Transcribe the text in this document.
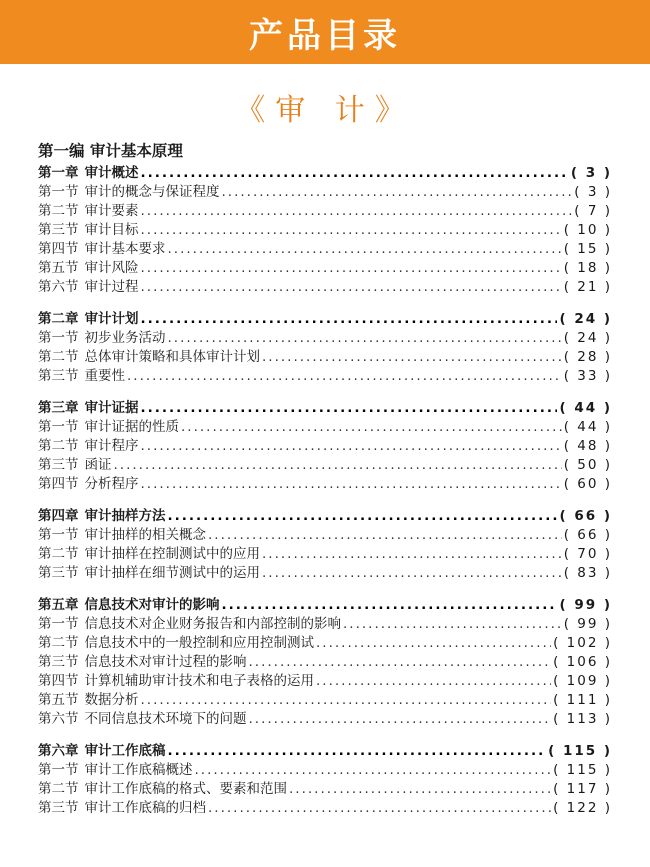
产品目录
《审 计》
第一编 审计基本原理
第一章 审计概述 .....	( 3 )
第一节 审计的概念与保证程度 .....	( 3 )
第二节 审计要素 .....	( 7 )
第三节 审计目标 .....	( 10 )
第四节 审计基本要求 .....	( 15 )
第五节 审计风险 .....	( 18 )
第六节 审计过程 .....	( 21 )
第二章 审计计划 .....	( 24 )
第一节 初步业务活动 .....	( 24 )
第二节 总体审计策略和具体审计计划 .....	( 28 )
第三节 重要性 .....	( 33 )
第三章 审计证据 .....	( 44 )
第一节 审计证据的性质 .....	( 44 )
第二节 审计程序 .....	( 48 )
第三节 函证 .....	( 50 )
第四节 分析程序 .....	( 60 )
第四章 审计抽样方法 .....	( 66 )
第一节 审计抽样的相关概念 .....	( 66 )
第二节 审计抽样在控制测试中的应用 .....	( 70 )
第三节 审计抽样在细节测试中的运用 .....	( 83 )
第五章 信息技术对审计的影响 .....	( 99 )
第一节 信息技术对企业财务报告和内部控制的影响 .....	( 99 )
第二节 信息技术中的一般控制和应用控制测试 .....	( 102 )
第三节 信息技术对审计过程的影响 .....	( 106 )
第四节 计算机辅助审计技术和电子表格的运用 .....	( 109 )
第五节 数据分析 .....	( 111 )
第六节 不同信息技术环境下的问题 .....	( 113 )
第六章 审计工作底稿 .....	( 115 )
第一节 审计工作底稿概述 .....	( 115 )
第二节 审计工作底稿的格式、要素和范围 .....	( 117 )
第三节 审计工作底稿的归档 .....	( 122 )
